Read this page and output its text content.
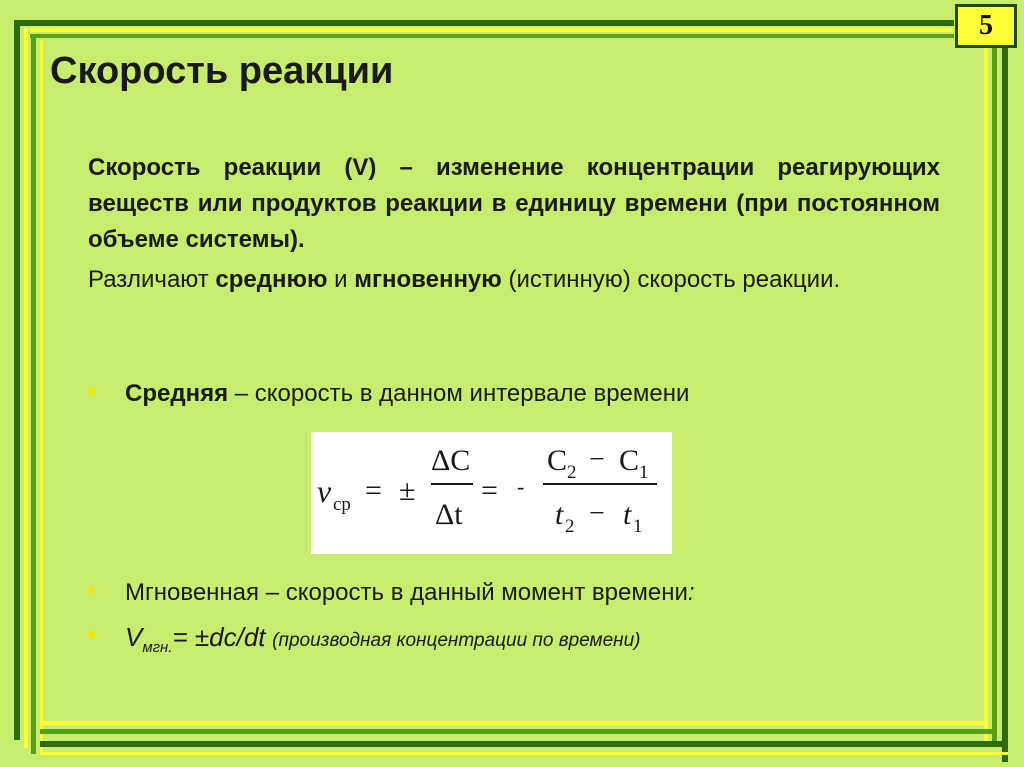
5
Скорость реакции

Скорость реакции (V) – изменение концентрации реагирующих веществ или продуктов реакции в единицу времени (при постоянном объеме системы).

Различают среднюю и мгновенную (истинную) скорость реакции.

Средняя – скорость в данном интервале времени
v ср = ±
ΔC
Δt
= -
C 2 − C 1
t 2 − t 1
Мгновенная – скорость в данный момент времени:
$V_{мгн.}= \pm dc/dt$ (производная концентрации по времени)
